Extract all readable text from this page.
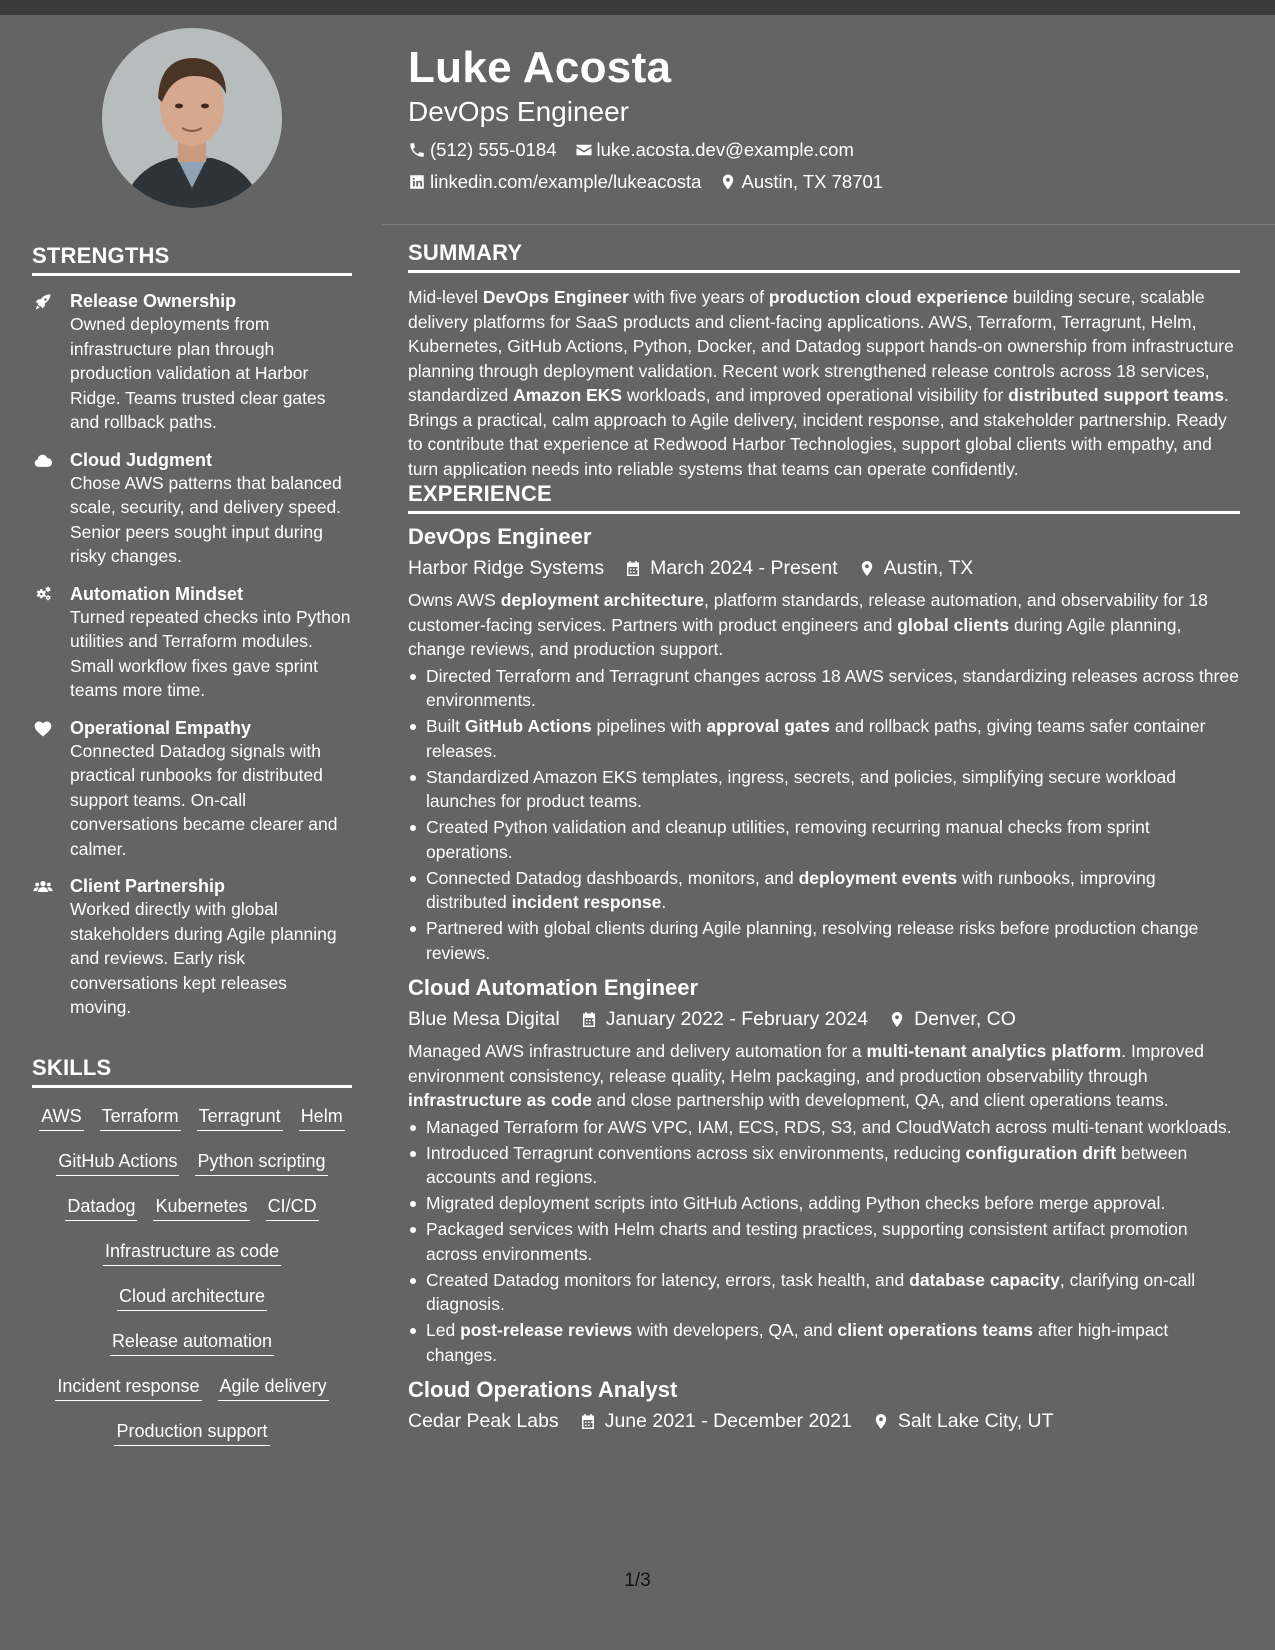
STRENGTHS
Release Ownership
Owned deployments from infrastructure plan through production validation at Harbor Ridge. Teams trusted clear gates and rollback paths.
Cloud Judgment
Chose AWS patterns that balanced scale, security, and delivery speed. Senior peers sought input during risky changes.
Automation Mindset
Turned repeated checks into Python utilities and Terraform modules. Small workflow fixes gave sprint teams more time.
Operational Empathy
Connected Datadog signals with practical runbooks for distributed support teams. On-call conversations became clearer and calmer.
Client Partnership
Worked directly with global stakeholders during Agile planning and reviews. Early risk conversations kept releases moving.
SKILLS
AWS Terraform Terragrunt Helm
GitHub Actions Python scripting
Datadog Kubernetes CI/CD
Infrastructure as code
Cloud architecture
Release automation
Incident response Agile delivery
Production support
Luke Acosta
DevOps Engineer
(512) 555-0184 luke.acosta.dev@example.com
linkedin.com/example/lukeacosta Austin, TX 78701
SUMMARY
Mid-level DevOps Engineer with five years of production cloud experience building secure, scalable delivery platforms for SaaS products and client-facing applications. AWS, Terraform, Terragrunt, Helm, Kubernetes, GitHub Actions, Python, Docker, and Datadog support hands-on ownership from infrastructure planning through deployment validation. Recent work strengthened release controls across 18 services, standardized Amazon EKS workloads, and improved operational visibility for distributed support teams. Brings a practical, calm approach to Agile delivery, incident response, and stakeholder partnership. Ready to contribute that experience at Redwood Harbor Technologies, support global clients with empathy, and turn application needs into reliable systems that teams can operate confidently.
EXPERIENCE
DevOps Engineer
Harbor Ridge Systems March 2024 - Present Austin, TX
Owns AWS deployment architecture, platform standards, release automation, and observability for 18 customer-facing services. Partners with product engineers and global clients during Agile planning, change reviews, and production support.
Directed Terraform and Terragrunt changes across 18 AWS services, standardizing releases across three environments.
Built GitHub Actions pipelines with approval gates and rollback paths, giving teams safer container releases.
Standardized Amazon EKS templates, ingress, secrets, and policies, simplifying secure workload launches for product teams.
Created Python validation and cleanup utilities, removing recurring manual checks from sprint operations.
Connected Datadog dashboards, monitors, and deployment events with runbooks, improving distributed incident response.
Partnered with global clients during Agile planning, resolving release risks before production change reviews.
Cloud Automation Engineer
Blue Mesa Digital January 2022 - February 2024 Denver, CO
Managed AWS infrastructure and delivery automation for a multi-tenant analytics platform. Improved environment consistency, release quality, Helm packaging, and production observability through infrastructure as code and close partnership with development, QA, and client operations teams.
Managed Terraform for AWS VPC, IAM, ECS, RDS, S3, and CloudWatch across multi-tenant workloads.
Introduced Terragrunt conventions across six environments, reducing configuration drift between accounts and regions.
Migrated deployment scripts into GitHub Actions, adding Python checks before merge approval.
Packaged services with Helm charts and testing practices, supporting consistent artifact promotion across environments.
Created Datadog monitors for latency, errors, task health, and database capacity, clarifying on-call diagnosis.
Led post-release reviews with developers, QA, and client operations teams after high-impact changes.
Cloud Operations Analyst
Cedar Peak Labs June 2021 - December 2021 Salt Lake City, UT
1/3
